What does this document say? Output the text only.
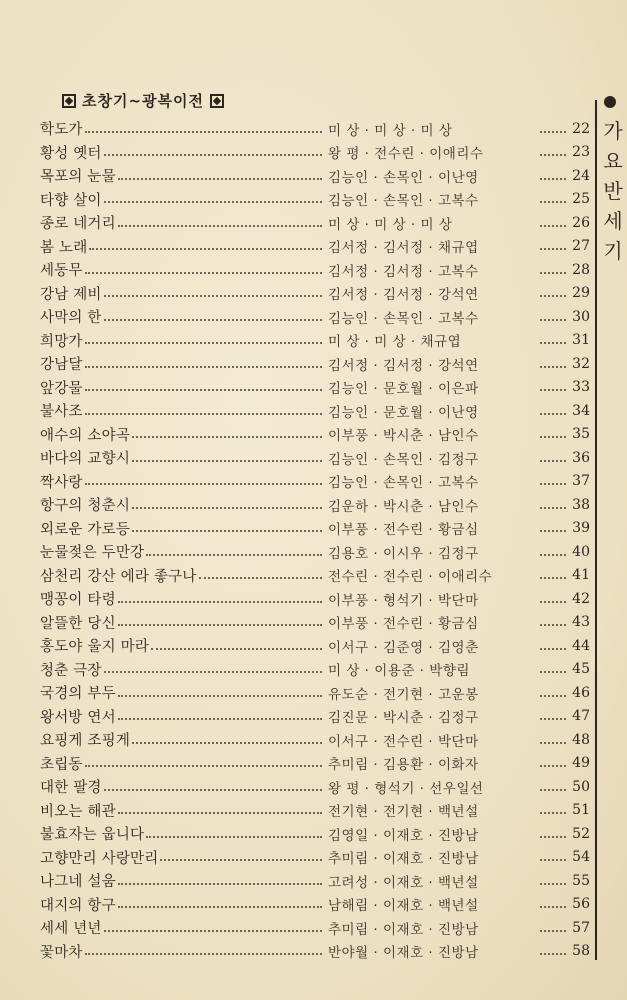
초창기~광복이전
학도가	미 상 · 미 상 · 미 상	22
황성 옛터	왕 평 · 전수린 · 이애리수	23
목포의 눈물	김능인 · 손목인 · 이난영	24
타향 살이	김능인 · 손목인 · 고복수	25
종로 네거리	미 상 · 미 상 · 미 상	26
봄 노래	김서정 · 김서정 · 채규엽	27
세동무	김서정 · 김서정 · 고복수	28
강남 제비	김서정 · 김서정 · 강석연	29
사막의 한	김능인 · 손목인 · 고복수	30
희망가	미 상 · 미 상 · 채규엽	31
강남달	김서정 · 김서정 · 강석연	32
앞강물	김능인 · 문호월 · 이은파	33
불사조	김능인 · 문호월 · 이난영	34
애수의 소야곡	이부풍 · 박시춘 · 남인수	35
바다의 교향시	김능인 · 손목인 · 김정구	36
짝사랑	김능인 · 손목인 · 고복수	37
항구의 청춘시	김운하 · 박시춘 · 남인수	38
외로운 가로등	이부풍 · 전수린 · 황금심	39
눈물젖은 두만강	김용호 · 이시우 · 김정구	40
삼천리 강산 에라 좋구나	전수린 · 전수린 · 이애리수	41
맹꽁이 타령	이부풍 · 형석기 · 박단마	42
알뜰한 당신	이부풍 · 전수린 · 황금심	43
홍도야 울지 마라	이서구 · 김준영 · 김영춘	44
청춘 극장	미 상 · 이용준 · 박향림	45
국경의 부두	유도순 · 전기현 · 고운봉	46
왕서방 연서	김진문 · 박시춘 · 김정구	47
요핑게 조핑게	이서구 · 전수린 · 박단마	48
초립동	추미림 · 김용환 · 이화자	49
대한 팔경	왕 평 · 형석기 · 선우일선	50
비오는 해관	전기현 · 전기현 · 백년설	51
불효자는 웁니다	김영일 · 이재호 · 진방남	52
고향만리 사랑만리	추미림 · 이재호 · 진방남	54
나그네 설움	고려성 · 이재호 · 백년설	55
대지의 항구	남해림 · 이재호 · 백년설	56
세세 년년	추미림 · 이재호 · 진방남	57
꽃마차	반야월 · 이재호 · 진방남	58
가
요
반
세
기
